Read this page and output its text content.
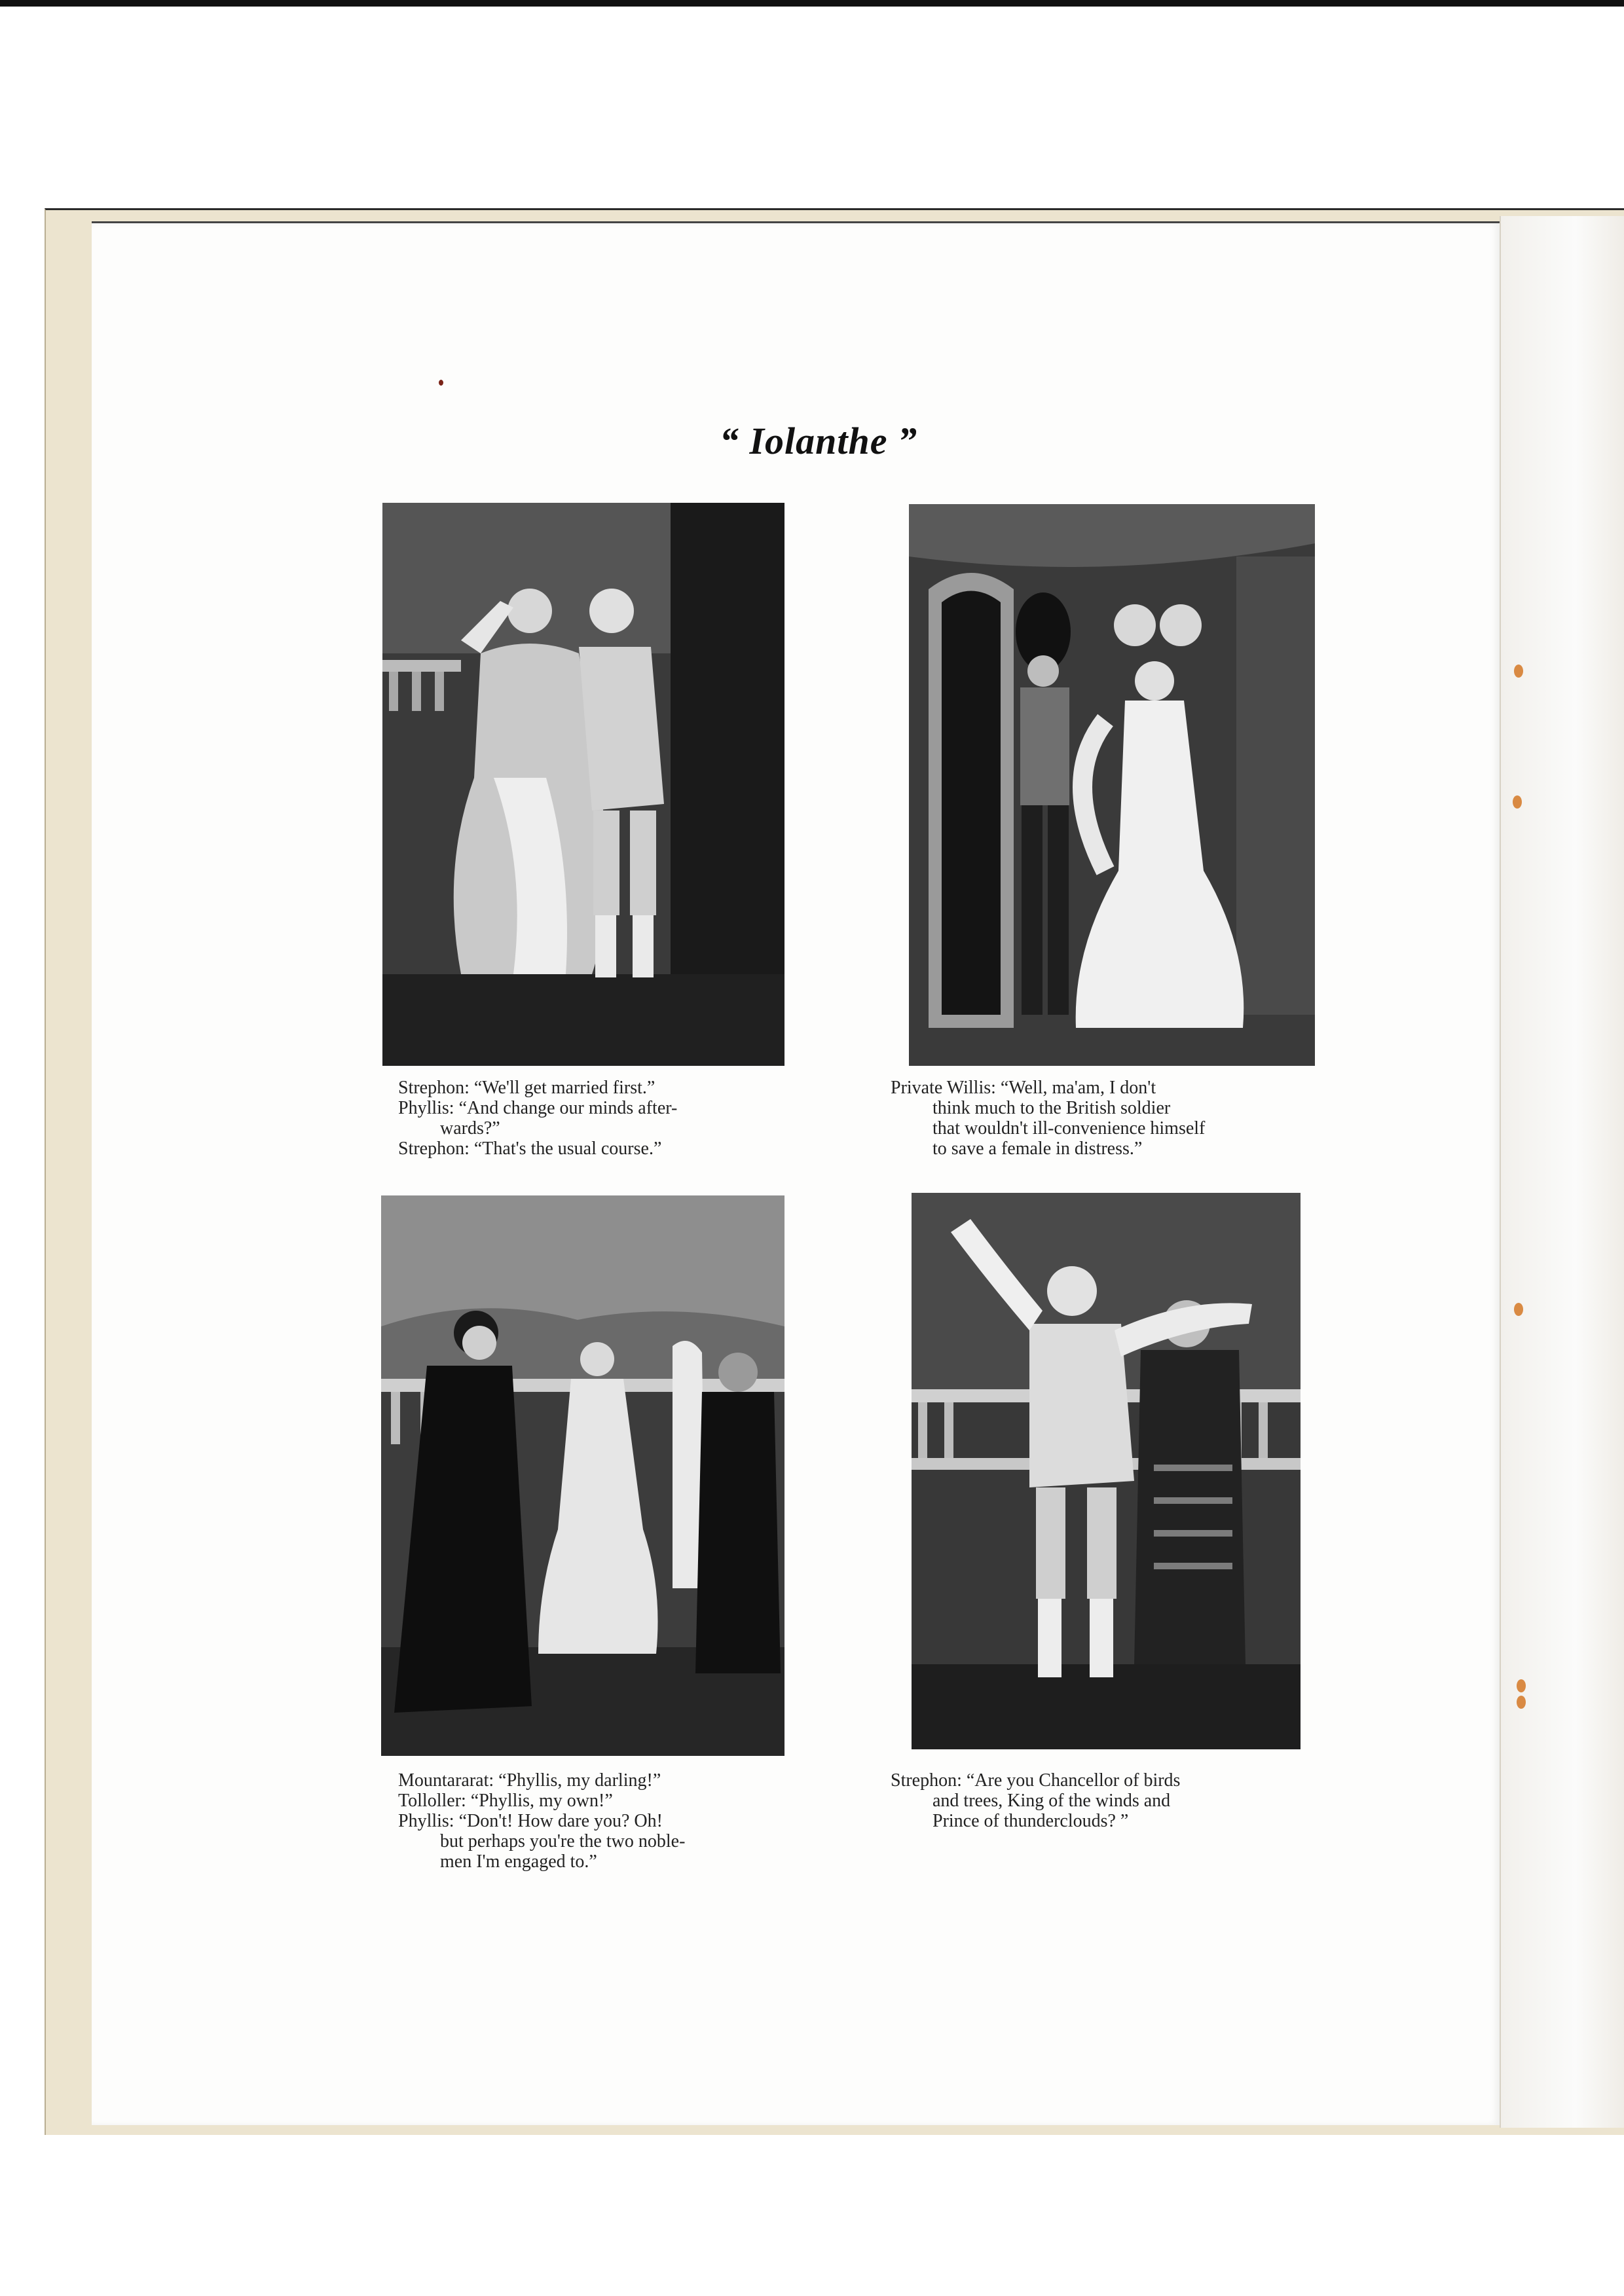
“ Iolanthe ”

Strephon: “We'll get married first.”
Phyllis: “And change our minds after-
wards?”
Strephon: “That's the usual course.”

Private Willis: “Well, ma'am, I don't
think much to the British soldier
that wouldn't ill-convenience himself
to save a female in distress.”

Mountararat: “Phyllis, my darling!”
Tolloller: “Phyllis, my own!”
Phyllis: “Don't! How dare you? Oh!
but perhaps you're the two noble-
men I'm engaged to.”

Strephon: “Are you Chancellor of birds
and trees, King of the winds and
Prince of thunderclouds? ”
